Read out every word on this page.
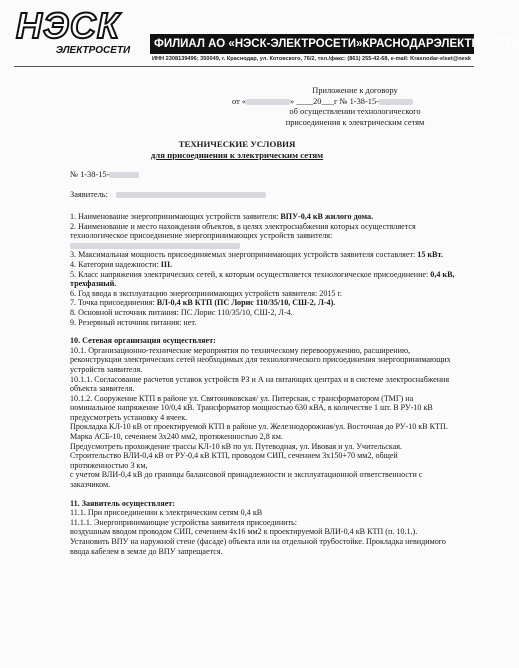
НЭСК
ЭЛЕКТРОСЕТИ
ФИЛИАЛ АО «НЭСК-ЭЛЕКТРОСЕТИ»КРАСНОДАРЭЛЕКТРОСЕТЬ
ИНН 2308139496; 350049, г. Краснодар, ул. Котовского, 76/2, тел./факс: (861) 255-42-68, e-mail: Krasnodar-elset@nesk
Приложение к договору
от «	» ____20___г № 1-38-15-
об осуществлении технологического
присоединения к электрическим сетям
ТЕХНИЧЕСКИЕ УСЛОВИЯ
для присоединения к электрическим сетям
№ 1-38-15-
Заявитель:

1. Наименование энергопринимающих устройств заявителя: ВПУ-0,4 кВ жилого дома.

2. Наименование и место нахождения объектов, в целях электроснабжения которых осуществляется технологическое присоединение энергопринимающих устройств заявителя:

3. Максимальная мощность присоединяемых энергопринимающих устройств заявителя составляет: 15 кВт.

4. Категория надежности: III.

5. Класс напряжения электрических сетей, к которым осуществляется технологическое присоединение: 0,4 кВ, трехфазный.

6. Год ввода в эксплуатацию энергопринимающих устройств заявителя: 2015 г.

7. Точка присоединения: ВЛ-0,4 кВ КТП (ПС Лорис 110/35/10, СШ-2, Л-4).

8. Основной источник питания: ПС Лорис 110/35/10, СШ-2, Л-4.

9. Резервный источник питания: нет.

10. Сетевая организация осуществляет:

10.1. Организационно-технические мероприятия по техническому перевооружению, расширению, реконструкции электрических сетей необходимых для технологического присоединения энергопринимающих устройств заявителя.

10.1.1. Согласование расчетов уставок устройств РЗ и А на питающих центрах и в системе электроснабжения объекта заявителя.

10.1.2. Сооружение КТП в районе ул. Святониковская/ ул. Питерская, с трансформатором (ТМГ) на номинальное напряжение 10/0,4 кВ. Трансформатор мощностью 630 кВА, в количестве 1 шт. В РУ-10 кВ предусмотреть установку 4 ячеек.

Прокладка КЛ-10 кВ от проектируемой КТП в районе ул. Железнодорожная/ул. Восточная до РУ-10 кВ КТП. Марка АСБ-10, сечением 3х240 мм2, протяженностью 2,8 км.

Предусмотреть прохождение трассы КЛ-10 кВ по ул. Путеводная, ул. Ивовая и ул. Учительская.

Строительство ВЛИ-0,4 кВ от РУ-0,4 кВ КТП, проводом СИП, сечением 3х150+70 мм2, общей протяженностью 3 км,

с учетом ВЛИ-0,4 кВ до границы балансовой принадлежности и эксплуатационной ответственности с заказчиком.

11. Заявитель осуществляет:

11.1. При присоединении к электрическим сетям 0,4 кВ

11.1.1. Энергопринимающие устройства заявителя присоединить:

воздушным вводом проводом СИП, сечением 4х16 мм2 к проектируемой ВЛИ-0,4 кВ КТП (п. 10.1.). Установить ВПУ на наружной стене (фасаде) объекта или на отдельной трубостойке. Прокладка невидимого ввода кабелем в земле до ВПУ запрещается.
